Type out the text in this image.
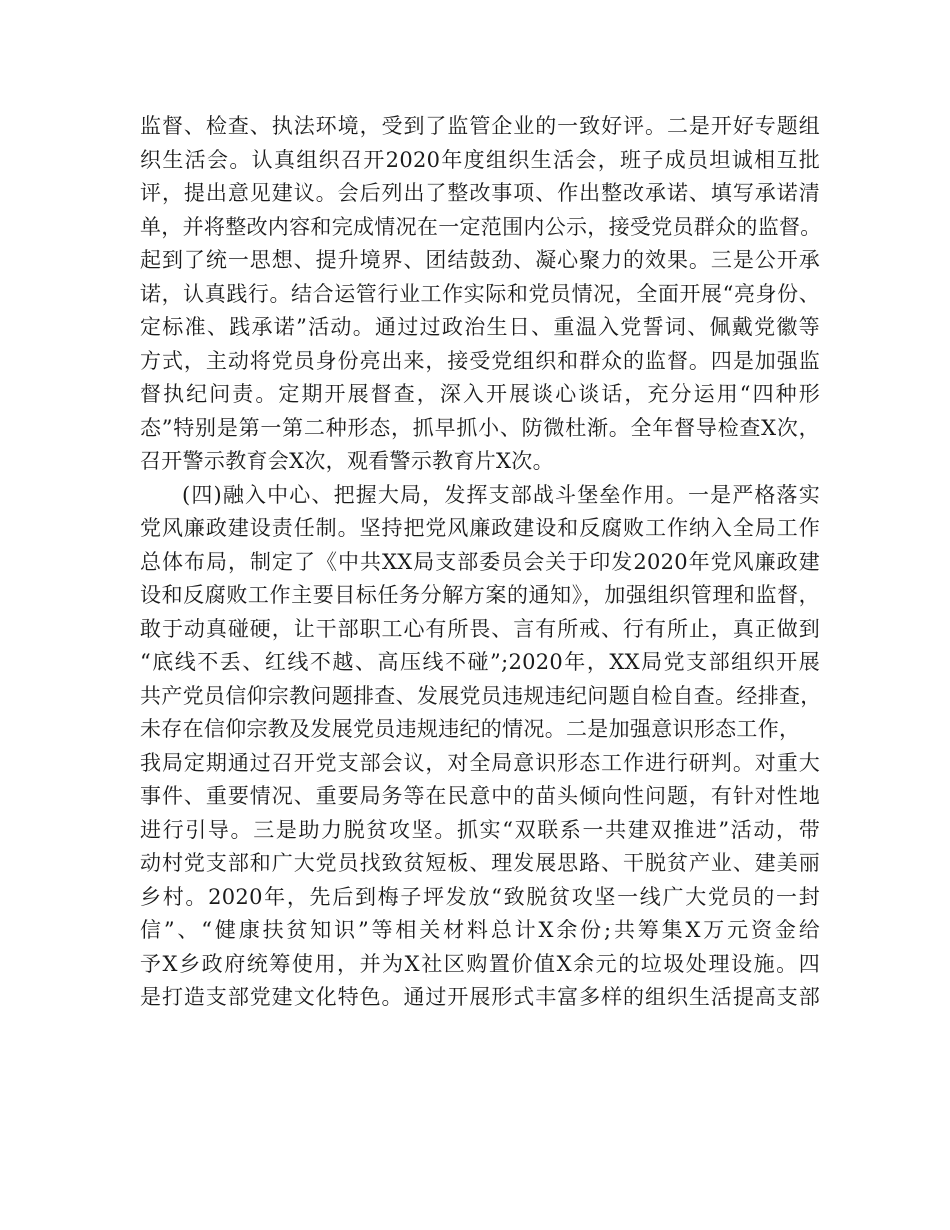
监督、检查、执法环境，受到了监管企业的一致好评。二是开好专题组
织生活会。认真组织召开2020年度组织生活会，班子成员坦诚相互批
评，提出意见建议。会后列出了整改事项、作出整改承诺、填写承诺清
单，并将整改内容和完成情况在一定范围内公示，接受党员群众的监督。
起到了统一思想、提升境界、团结鼓劲、凝心聚力的效果。三是公开承
诺，认真践行。结合运管行业工作实际和党员情况，全面开展“亮身份、
定标准、践承诺”活动。通过过政治生日、重温入党誓词、佩戴党徽等
方式，主动将党员身份亮出来，接受党组织和群众的监督。四是加强监
督执纪问责。定期开展督查，深入开展谈心谈话，充分运用“四种形
态”特别是第一第二种形态，抓早抓小、防微杜渐。全年督导检查X次，
召开警示教育会X次，观看警示教育片X次。
(四)融入中心、把握大局，发挥支部战斗堡垒作用。一是严格落实
党风廉政建设责任制。坚持把党风廉政建设和反腐败工作纳入全局工作
总体布局，制定了《中共XX局支部委员会关于印发2020年党风廉政建
设和反腐败工作主要目标任务分解方案的通知》，加强组织管理和监督，
敢于动真碰硬，让干部职工心有所畏、言有所戒、行有所止，真正做到
“底线不丢、红线不越、高压线不碰”;2020年，XX局党支部组织开展
共产党员信仰宗教问题排查、发展党员违规违纪问题自检自查。经排查，
未存在信仰宗教及发展党员违规违纪的情况。二是加强意识形态工作，
我局定期通过召开党支部会议，对全局意识形态工作进行研判。对重大
事件、重要情况、重要局务等在民意中的苗头倾向性问题，有针对性地
进行引导。三是助力脱贫攻坚。抓实“双联系一共建双推进”活动，带
动村党支部和广大党员找致贫短板、理发展思路、干脱贫产业、建美丽
乡村。2020年，先后到梅子坪发放“致脱贫攻坚一线广大党员的一封
信”、“健康扶贫知识”等相关材料总计X余份;共筹集X万元资金给
予X乡政府统筹使用，并为X社区购置价值X余元的垃圾处理设施。四
是打造支部党建文化特色。通过开展形式丰富多样的组织生活提高支部
